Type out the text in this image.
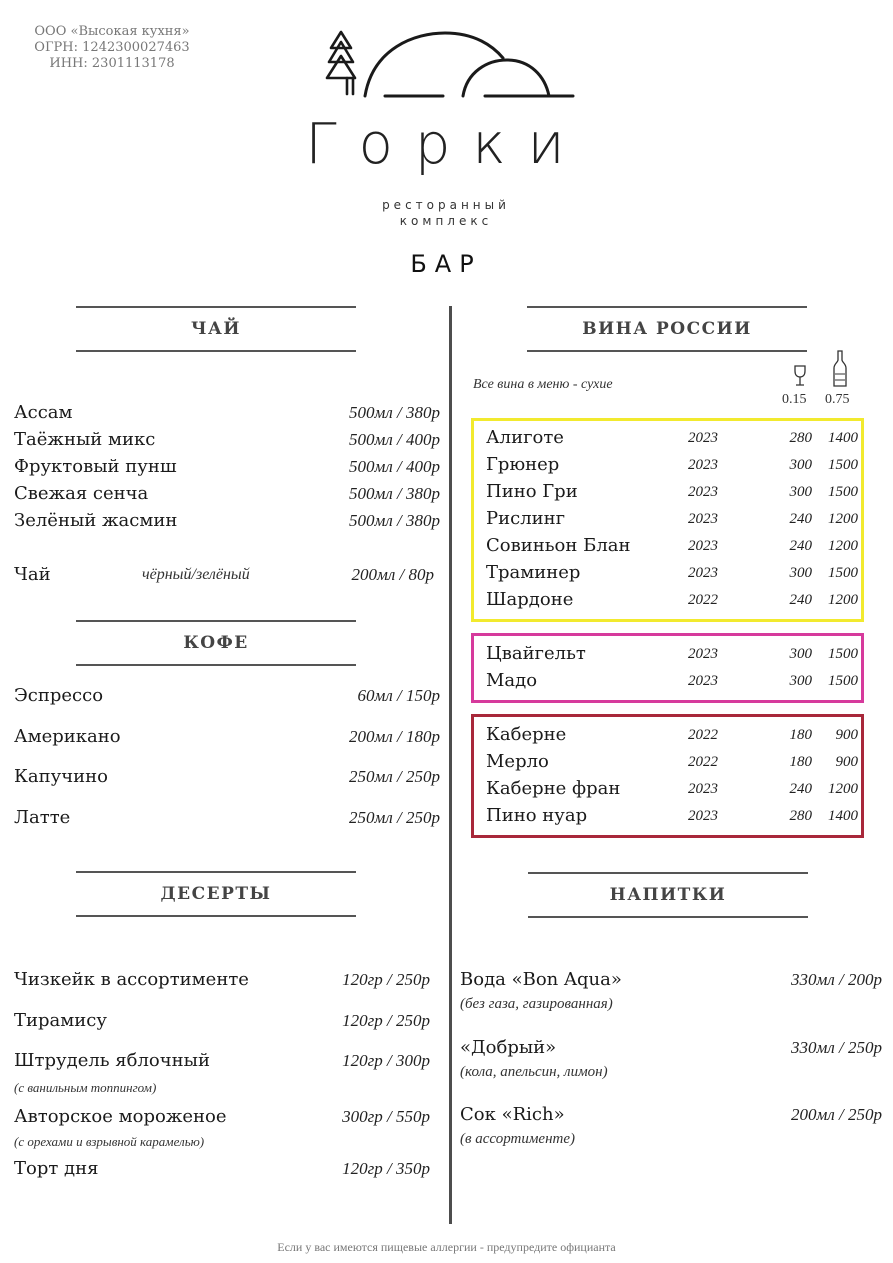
ООО «Высокая кухня»
ОГРН: 1242300027463
ИНН: 2301113178
Горки
ресторанный
комплекс
БАР
ЧАЙ
Ассам	500мл / 380р
Таёжный микс	500мл / 400р
Фруктовый пунш	500мл / 400р
Свежая сенча	500мл / 380р
Зелёный жасмин	500мл / 380р
Чай	чёрный/зелёный	200мл / 80р
КОФЕ
Эспрессо	60мл / 150р
Американо	200мл / 180р
Капучино	250мл / 250р
Латте	250мл / 250р
ДЕСЕРТЫ
Чизкейк в ассортименте	120гр / 250р
Тирамису	120гр / 250р
Штрудель яблочный	120гр / 300р
(с ванильным топпингом)
Авторское мороженое	300гр / 550р
(с орехами и взрывной карамелью)
Торт дня	120гр / 350р
ВИНА РОССИИ
Все вина в меню - сухие
0.15 0.75
Алиготе	2023	280	1400
Грюнер	2023	300	1500
Пино Гри	2023	300	1500
Рислинг	2023	240	1200
Совиньон Блан	2023	240	1200
Траминер	2023	300	1500
Шардоне	2022	240	1200
Цвайгельт	2023	300	1500
Мадо	2023	300	1500
Каберне	2022	180	900
Мерло	2022	180	900
Каберне фран	2023	240	1200
Пино нуар	2023	280	1400
НАПИТКИ
Вода «Bon Aqua»	330мл / 200р
(без газа, газированная)
«Добрый»	330мл / 250р
(кола, апельсин, лимон)
Сок «Rich»	200мл / 250р
(в ассортименте)
Если у вас имеются пищевые аллергии - предупредите официанта
